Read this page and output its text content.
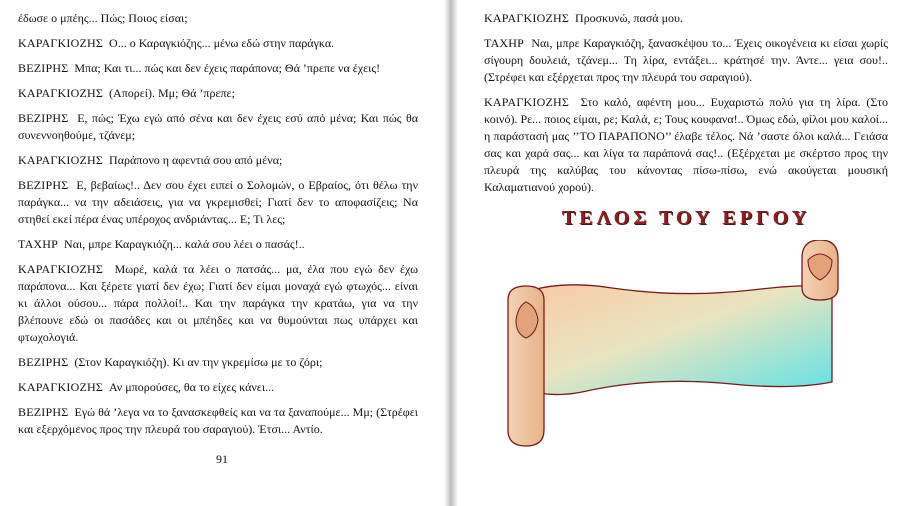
έδωσε ο μπέης... Πώς; Ποιος είσαι;

ΚΑΡΑΓΚΙΟΖΗΣ Ο... ο Καραγκιόζης... μένω εδώ στην παράγκα.

ΒΕΖΙΡΗΣ Μπα; Και τι... πώς και δεν έχεις παράπονα; Θά ’πρεπε να έχεις!

ΚΑΡΑΓΚΙΟΖΗΣ (Απορεί). Μμ; Θά ’πρεπε;

ΒΕΖΙΡΗΣ Ε, πώς; Έχω εγώ από σένα και δεν έχεις εσύ από μένα; Και πώς θα συνεννοηθούμε, τζάνεμ;

ΚΑΡΑΓΚΙΟΖΗΣ Παράπονο η αφεντιά σου από μένα;

ΒΕΖΙΡΗΣ Ε, βεβαίως!.. Δεν σου έχει ειπεί ο Σολομών, ο Εβραίος, ότι θέλω την παράγκα... να την αδειάσεις, για να γκρεμισθεί; Γιατί δεν το αποφασίζεις; Να στηθεί εκεί πέρα ένας υπέροχος ανδριάντας... Ε; Τι λες;

ΤΑΧΗΡ Ναι, μπρε Καραγκιόζη... καλά σου λέει ο πασάς!..

ΚΑΡΑΓΚΙΟΖΗΣ Μωρέ, καλά τα λέει ο πατσάς... μα, έλα που εγώ δεν έχω παράπονα... Και ξέρετε γιατί δεν έχω; Γιατί δεν είμαι μοναχά εγώ φτωχός... είναι κι άλλοι ούσου... πάρα πολλοί!.. Και την παράγκα την κρατάω, για να την βλέπουνε εδώ οι πασάδες και οι μπέηδες και να θυμούνται πως υπάρχει και φτωχολογιά.

ΒΕΖΙΡΗΣ (Στον Καραγκιόζη). Κι αν την γκρεμίσω με το ζόρι;

ΚΑΡΑΓΚΙΟΖΗΣ Αν μπορούσες, θα το είχες κάνει...

ΒΕΖΙΡΗΣ Εγώ θά ’λεγα να το ξανασκεφθείς και να τα ξαναπούμε... Μμ; (Στρέφει και εξερχόμενος προς την πλευρά του σαραγιού). Έτσι... Αντίο.

91

ΚΑΡΑΓΚΙΟΖΗΣ Προσκυνώ, πασά μου.

ΤΑΧΗΡ Ναι, μπρε Καραγκιόζη, ξανασκέψου το... Έχεις οικογένεια κι είσαι χωρίς σίγουρη δουλειά, τζάνεμ... Τη λίρα, εντάξει... κράτησέ την. Άντε... γεια σου!.. (Στρέφει και εξέρχεται προς την πλευρά του σαραγιού).

ΚΑΡΑΓΚΙΟΖΗΣ Στο καλό, αφέντη μου... Ευχαριστώ πολύ για τη λίρα. (Στο κοινό). Ρε... ποιος είμαι, ρε; Καλά, ε; Τους κουφανα!.. Όμως εδώ, φίλοι μου καλοί... η παράστασή μας ’’ΤΟ ΠΑΡΑΠΟΝΟ’’ έλαβε τέλος. Νά ’σαστε όλοι καλά... Γειάσα σας και χαρά σας... και λίγα τα παράπονά σας!.. (Εξέρχεται με σκέρτσο προς την πλευρά της καλύβας του κάνοντας πίσω-πίσω, ενώ ακούγεται μουσική Καλαματιανού χορού).

ΤΕΛΟΣ ΤΟΥ ΕΡΓΟΥ
